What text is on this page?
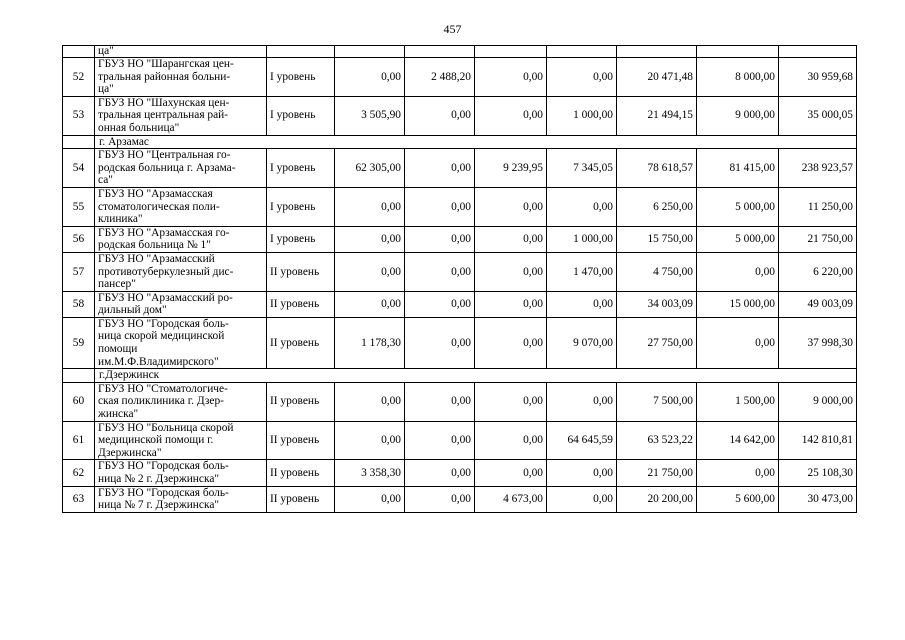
457
	ца"								
52	ГБУЗ НО "Шарангская цен-
тральная районная больни-
ца"	I уровень	0,00	2 488,20	0,00	0,00	20 471,48	8 000,00	30 959,68
53	ГБУЗ НО "Шахунская цен-
тральная центральная рай-
онная больница"	I уровень	3 505,90	0,00	0,00	1 000,00	21 494,15	9 000,00	35 000,05
	г. Арзамас								
54	ГБУЗ НО "Центральная го-
родская больница г. Арзама-
са"	I уровень	62 305,00	0,00	9 239,95	7 345,05	78 618,57	81 415,00	238 923,57
55	ГБУЗ НО "Арзамасская
стоматологическая поли-
клиника"	I уровень	0,00	0,00	0,00	0,00	6 250,00	5 000,00	11 250,00
56	ГБУЗ НО "Арзамасская го-
родская больница № 1"	I уровень	0,00	0,00	0,00	1 000,00	15 750,00	5 000,00	21 750,00
57	ГБУЗ НО "Арзамасский
противотуберкулезный дис-
пансер"	II уровень	0,00	0,00	0,00	1 470,00	4 750,00	0,00	6 220,00
58	ГБУЗ НО "Арзамасский ро-
дильный дом"	II уровень	0,00	0,00	0,00	0,00	34 003,09	15 000,00	49 003,09
59	ГБУЗ НО "Городская боль-
ница скорой медицинской
помощи
им.М.Ф.Владимирского"	II уровень	1 178,30	0,00	0,00	9 070,00	27 750,00	0,00	37 998,30
	г.Дзержинск								
60	ГБУЗ НО "Стоматологиче-
ская поликлиника г. Дзер-
жинска"	II уровень	0,00	0,00	0,00	0,00	7 500,00	1 500,00	9 000,00
61	ГБУЗ НО "Больница скорой
медицинской помощи г.
Дзержинска"	II уровень	0,00	0,00	0,00	64 645,59	63 523,22	14 642,00	142 810,81
62	ГБУЗ НО "Городская боль-
ница № 2 г. Дзержинска"	II уровень	3 358,30	0,00	0,00	0,00	21 750,00	0,00	25 108,30
63	ГБУЗ НО "Городская боль-
ница № 7 г. Дзержинска"	II уровень	0,00	0,00	4 673,00	0,00	20 200,00	5 600,00	30 473,00
